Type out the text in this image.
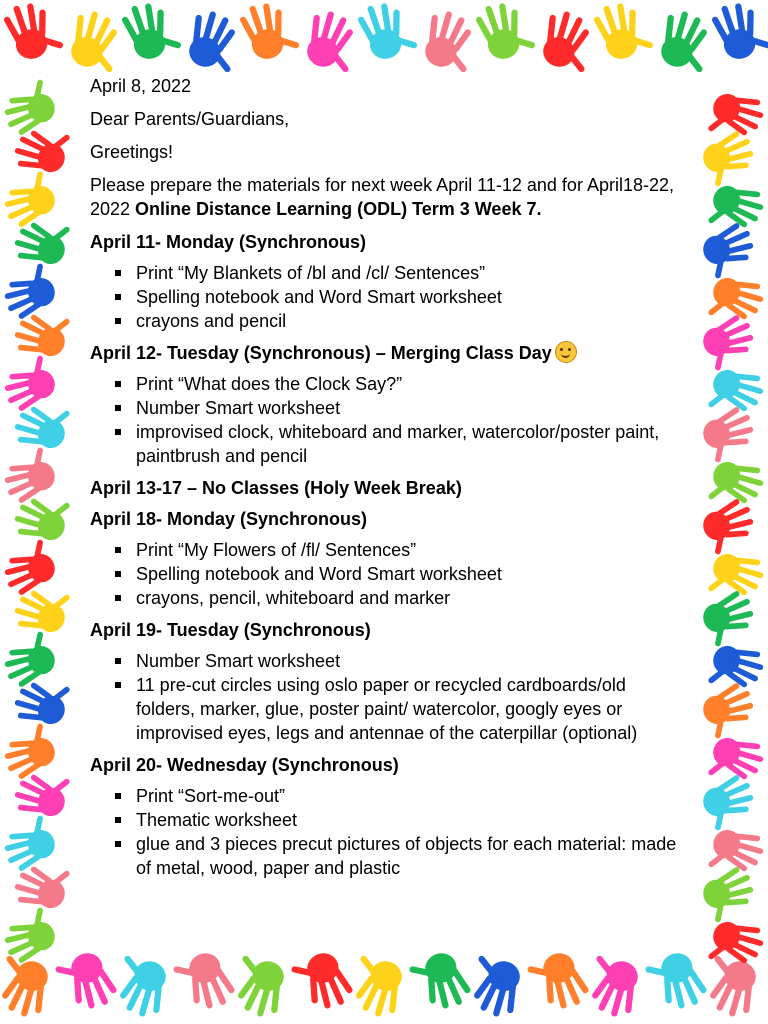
April 8, 2022

Dear Parents/Guardians,

Greetings!

Please prepare the materials for next week April 11-12 and for April18-22, 2022 Online Distance Learning (ODL) Term 3 Week 7.

April 11- Monday (Synchronous)
Print “My Blankets of /bl and /cl/ Sentences”
Spelling notebook and Word Smart worksheet
crayons and pencil
April 12- Tuesday (Synchronous) – Merging Class Day
Print “What does the Clock Say?”
Number Smart worksheet
improvised clock, whiteboard and marker, watercolor/poster paint, paintbrush and pencil
April 13-17 – No Classes (Holy Week Break)
April 18- Monday (Synchronous)
Print “My Flowers of /fl/ Sentences”
Spelling notebook and Word Smart worksheet
crayons, pencil, whiteboard and marker
April 19- Tuesday (Synchronous)
Number Smart worksheet
11 pre-cut circles using oslo paper or recycled cardboards/old folders, marker, glue, poster paint/ watercolor, googly eyes or improvised eyes, legs and antennae of the caterpillar (optional)
April 20- Wednesday (Synchronous)
Print “Sort-me-out”
Thematic worksheet
glue and 3 pieces precut pictures of objects for each material: made of metal, wood, paper and plastic
